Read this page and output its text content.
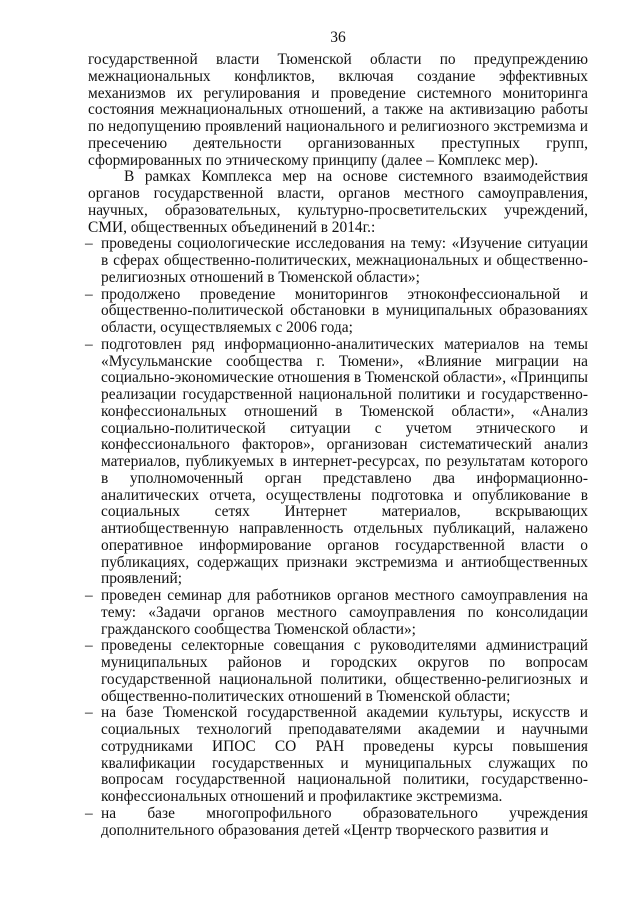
36

государственной власти Тюменской области по предупреждению межнациональных конфликтов, включая создание эффективных механизмов их регулирования и проведение системного мониторинга состояния межнациональных отношений, а также на активизацию работы по недопущению проявлений национального и религиозного экстремизма и пресечению деятельности организованных преступных групп, сформированных по этническому принципу (далее – Комплекс мер).

В рамках Комплекса мер на основе системного взаимодействия органов государственной власти, органов местного самоуправления, научных, образовательных, культурно-просветительских учреждений, СМИ, общественных объединений в 2014г.:

– проведены социологические исследования на тему: «Изучение ситуации в сферах общественно-политических, межнациональных и общественно-религиозных отношений в Тюменской области»;
– продолжено проведение мониторингов этноконфессиональной и общественно-политической обстановки в муниципальных образованиях области, осуществляемых с 2006 года;
– подготовлен ряд информационно-аналитических материалов на темы «Мусульманские сообщества г. Тюмени», «Влияние миграции на социально-экономические отношения в Тюменской области», «Принципы реализации государственной национальной политики и государственно-конфессиональных отношений в Тюменской области», «Анализ социально-политической ситуации с учетом этнического и конфессионального факторов», организован систематический анализ материалов, публикуемых в интернет-ресурсах, по результатам которого в уполномоченный орган представлено два информационно-аналитических отчета, осуществлены подготовка и опубликование в социальных сетях Интернет материалов, вскрывающих антиобщественную направленность отдельных публикаций, налажено оперативное информирование органов государственной власти о публикациях, содержащих признаки экстремизма и антиобщественных проявлений;
– проведен семинар для работников органов местного самоуправления на тему: «Задачи органов местного самоуправления по консолидации гражданского сообщества Тюменской области»;
– проведены селекторные совещания с руководителями администраций муниципальных районов и городских округов по вопросам государственной национальной политики, общественно-религиозных и общественно-политических отношений в Тюменской области;
– на базе Тюменской государственной академии культуры, искусств и социальных технологий преподавателями академии и научными сотрудниками ИПОС СО РАН проведены курсы повышения квалификации государственных и муниципальных служащих по вопросам государственной национальной политики, государственно-конфессиональных отношений и профилактике экстремизма.
– на базе многопрофильного образовательного учреждения дополнительного образования детей «Центр творческого развития и
